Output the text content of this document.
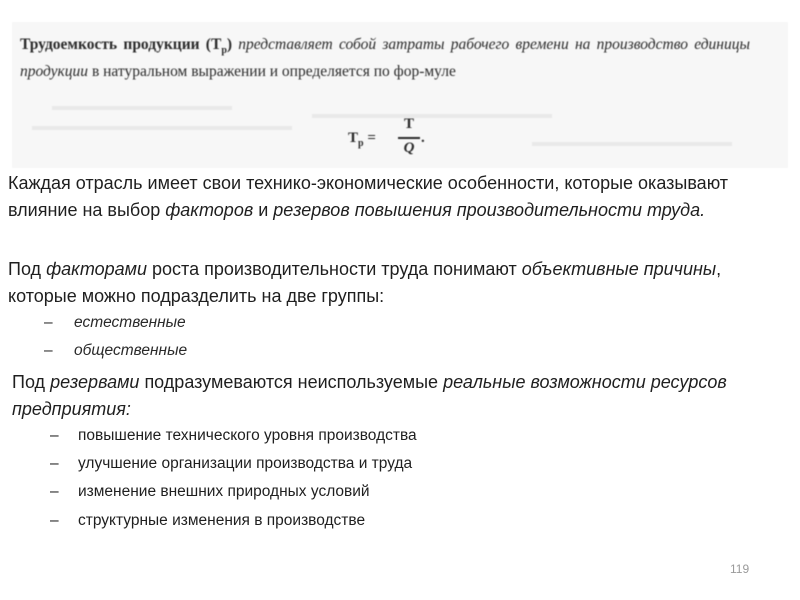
Трудоемкость продукции $(Т_р)$ представляет собой затраты рабочего времени на производство единицы продукции в натуральном выражении и определяется по фор-муле
$T_p$ =
T
Q
.

Каждая отрасль имеет свои технико-экономические особенности, которые оказывают влияние на выбор факторов и резервов повышения производительности труда.

Под факторами роста производительности труда понимают объективные причины, которые можно подразделить на две группы:

– естественные
– общественные

Под резервами подразумеваются неиспользуемые реальные возможности ресурсов предприятия:

– повышение технического уровня производства
– улучшение организации производства и труда
– изменение внешних природных условий
– структурные изменения в производстве
119
